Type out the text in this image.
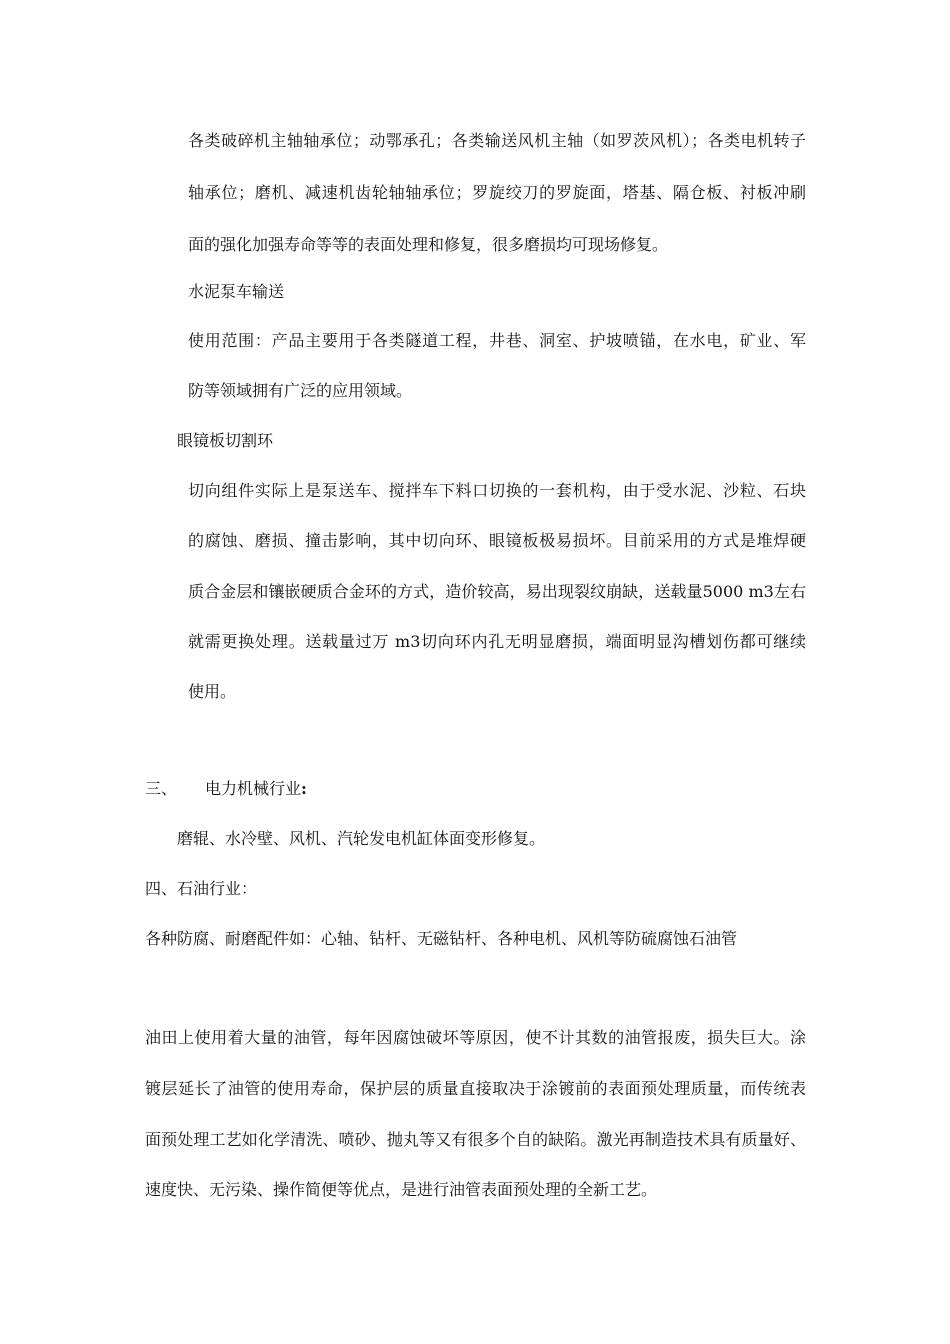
各类破碎机主轴轴承位；动鄂承孔；各类输送风机主轴（如罗茨风机）；各类电机转子
轴承位；磨机、减速机齿轮轴轴承位；罗旋绞刀的罗旋面，塔基、隔仓板、衬板冲刷
面的强化加强寿命等等的表面处理和修复，很多磨损均可现场修复。
水泥泵车输送
使用范围：产品主要用于各类隧道工程，井巷、洞室、护坡喷锚，在水电，矿业、军
防等领域拥有广泛的应用领域。
眼镜板切割环
切向组件实际上是泵送车、搅拌车下料口切换的一套机构，由于受水泥、沙粒、石块
的腐蚀、磨损、撞击影响，其中切向环、眼镜板极易损坏。目前采用的方式是堆焊硬
质合金层和镶嵌硬质合金环的方式，造价较高，易出现裂纹崩缺，送载量5000 m3左右
就需更换处理。送载量过万 m3切向环内孔无明显磨损，端面明显沟槽划伤都可继续
使用。
三、 电力机械行业:
磨辊、水冷壁、风机、汽轮发电机缸体面变形修复。
四、石油行业：
各种防腐、耐磨配件如：心轴、钻杆、无磁钻杆、各种电机、风机等防硫腐蚀石油管
油田上使用着大量的油管，每年因腐蚀破坏等原因，使不计其数的油管报废，损失巨大。涂
镀层延长了油管的使用寿命，保护层的质量直接取决于涂镀前的表面预处理质量，而传统表
面预处理工艺如化学清洗、喷砂、抛丸等又有很多个自的缺陷。激光再制造技术具有质量好、
速度快、无污染、操作简便等优点，是进行油管表面预处理的全新工艺。
